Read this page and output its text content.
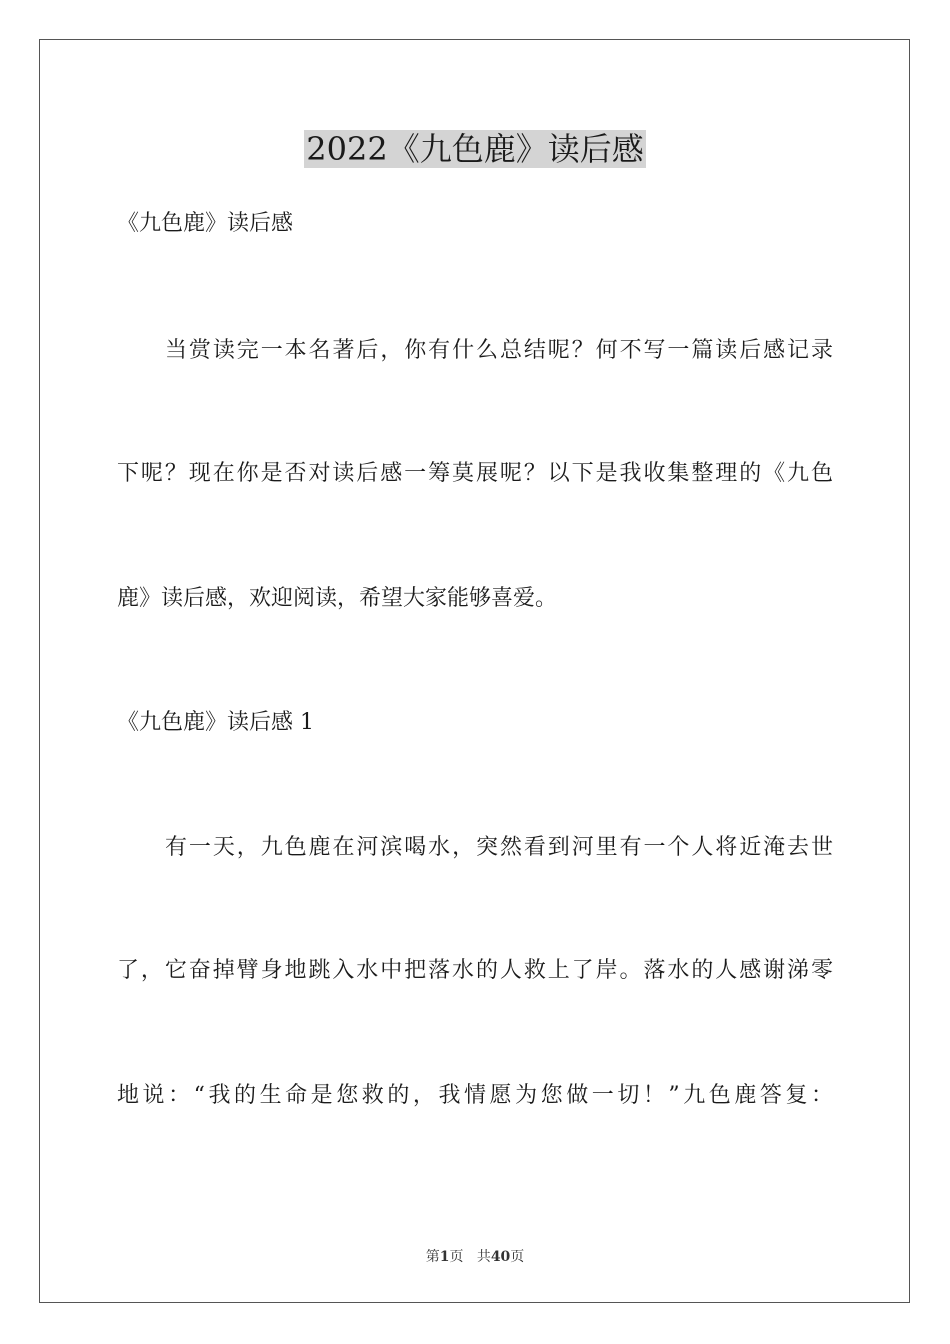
2022《九色鹿》读后感
《九色鹿》读后感
当赏读完一本名著后，你有什么总结呢？何不写一篇读后感记录
下呢？现在你是否对读后感一筹莫展呢？以下是我收集整理的《九色
鹿》读后感，欢迎阅读，希望大家能够喜爱。
《九色鹿》读后感 1
有一天，九色鹿在河滨喝水，突然看到河里有一个人将近淹去世
了，它奋掉臂身地跳入水中把落水的人救上了岸。落水的人感谢涕零
地说：“我的生命是您救的，我情愿为您做一切！”九色鹿答复：
第1页 共40页
